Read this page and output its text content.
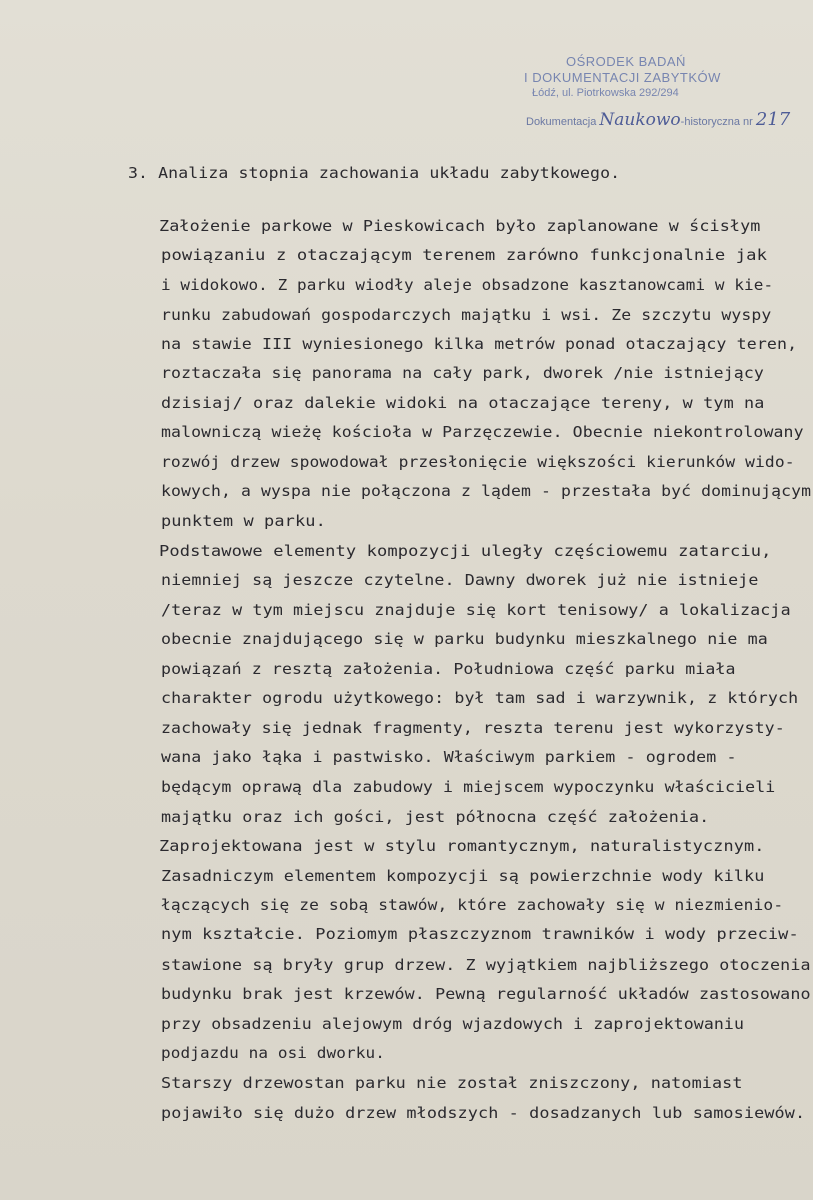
OŚRODEK BADAŃ
I DOKUMENTACJI ZABYTKÓW
Łódź, ul. Piotrkowska 292/294
Dokumentacja Naukowo-historyczna nr 217
3. Analiza stopnia zachowania układu zabytkowego.
Założenie parkowe w Pieskowicach było zaplanowane w ścisłym
powiązaniu z otaczającym terenem zarówno funkcjonalnie jak
i widokowo. Z parku wiodły aleje obsadzone kasztanowcami w kie-
runku zabudowań gospodarczych majątku i wsi. Ze szczytu wyspy
na stawie III wyniesionego kilka metrów ponad otaczający teren,
roztaczała się panorama na cały park, dworek /nie istniejący
dzisiaj/ oraz dalekie widoki na otaczające tereny, w tym na
malowniczą wieżę kościoła w Parzęczewie. Obecnie niekontrolowany
rozwój drzew spowodował przesłonięcie większości kierunków wido-
kowych, a wyspa nie połączona z lądem - przestała być dominującym
punktem w parku.
Podstawowe elementy kompozycji uległy częściowemu zatarciu,
niemniej są jeszcze czytelne. Dawny dworek już nie istnieje
/teraz w tym miejscu znajduje się kort tenisowy/ a lokalizacja
obecnie znajdującego się w parku budynku mieszkalnego nie ma
powiązań z resztą założenia. Południowa część parku miała
charakter ogrodu użytkowego: był tam sad i warzywnik, z których
zachowały się jednak fragmenty, reszta terenu jest wykorzysty-
wana jako łąka i pastwisko. Właściwym parkiem - ogrodem -
będącym oprawą dla zabudowy i miejscem wypoczynku właścicieli
majątku oraz ich gości, jest północna część założenia.
Zaprojektowana jest w stylu romantycznym, naturalistycznym.
Zasadniczym elementem kompozycji są powierzchnie wody kilku
łączących się ze sobą stawów, które zachowały się w niezmienio-
nym kształcie. Poziomym płaszczyznom trawników i wody przeciw-
stawione są bryły grup drzew. Z wyjątkiem najbliższego otoczenia
budynku brak jest krzewów. Pewną regularność układów zastosowano
przy obsadzeniu alejowym dróg wjazdowych i zaprojektowaniu
podjazdu na osi dworku.
Starszy drzewostan parku nie został zniszczony, natomiast
pojawiło się dużo drzew młodszych - dosadzanych lub samosiewów.
